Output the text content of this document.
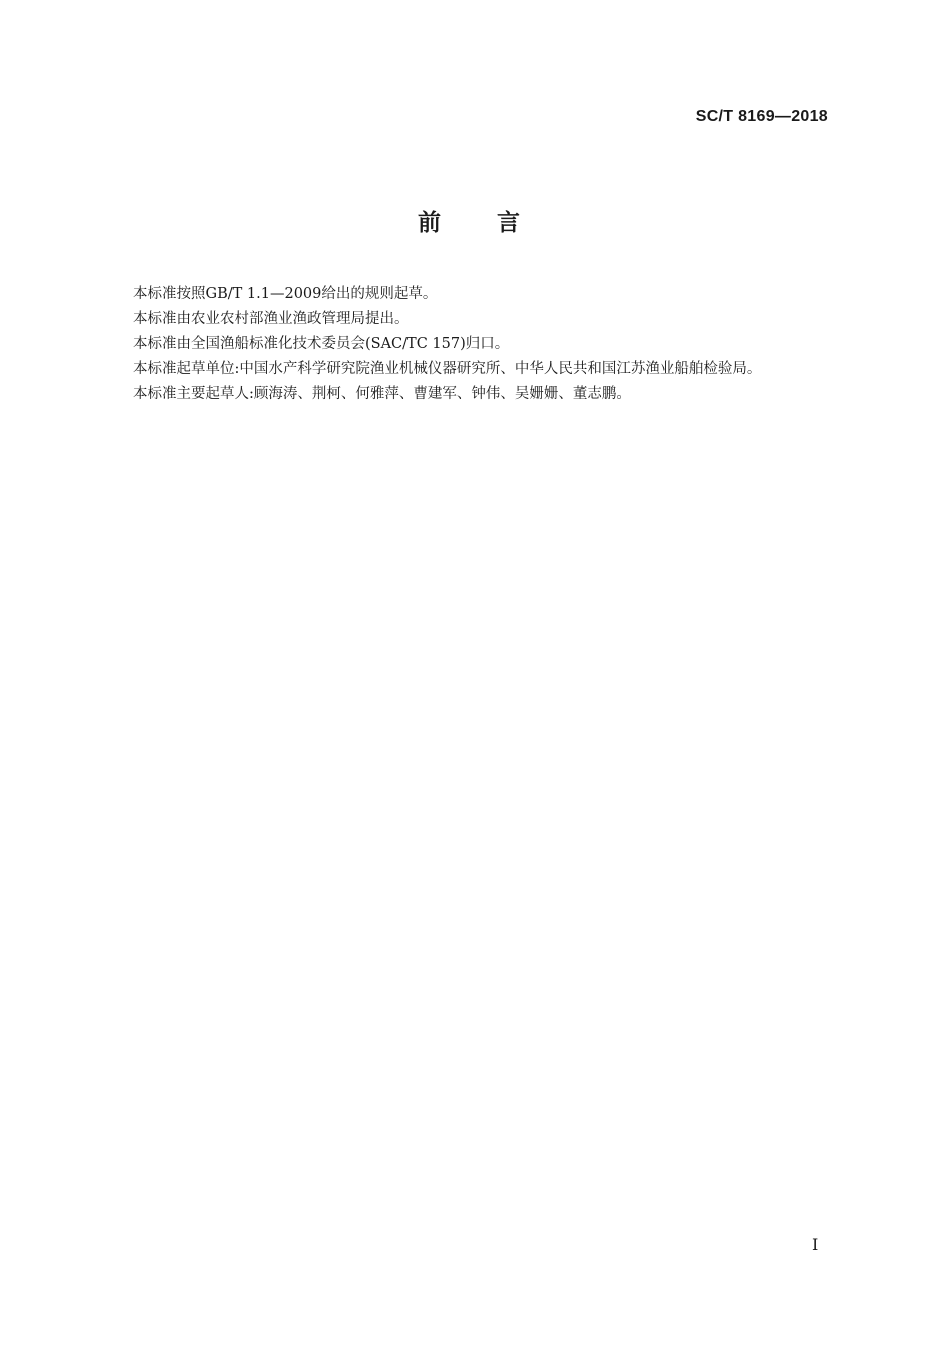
SC/T 8169—2018
前言

本标准按照GB/T 1.1—2009给出的规则起草。

本标准由农业农村部渔业渔政管理局提出。

本标准由全国渔船标准化技术委员会(SAC/TC 157)归口。

本标准起草单位:中国水产科学研究院渔业机械仪器研究所、中华人民共和国江苏渔业船舶检验局。

本标准主要起草人:顾海涛、荆柯、何雅萍、曹建军、钟伟、吴姗姗、董志鹏。

I
